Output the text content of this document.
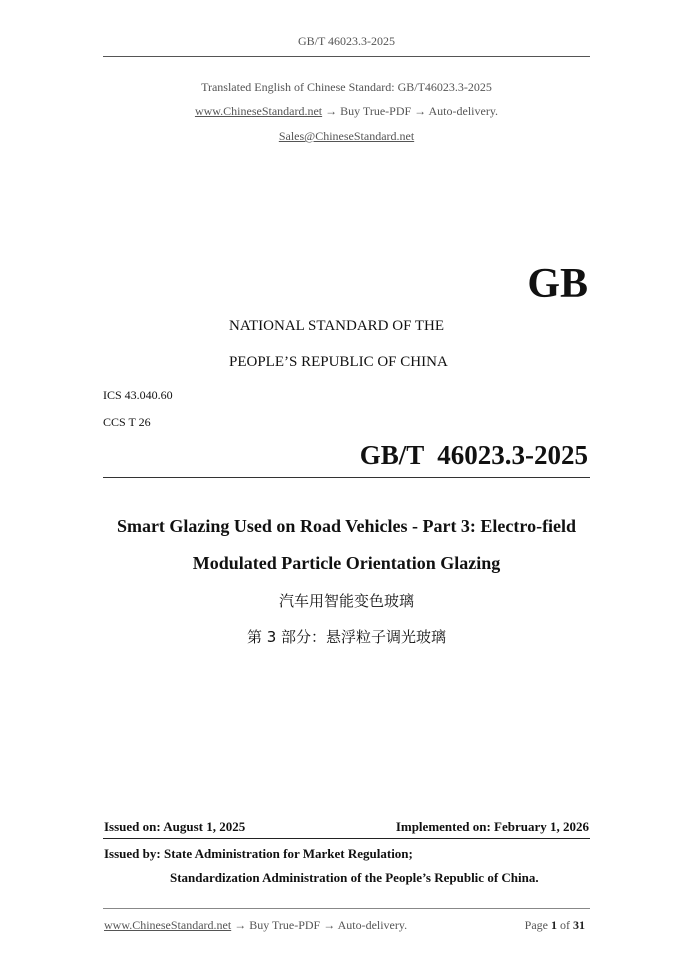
GB/T 46023.3-2025
Translated English of Chinese Standard: GB/T46023.3-2025
www.ChineseStandard.net → Buy True-PDF → Auto-delivery.
Sales@ChineseStandard.net
GB
NATIONAL STANDARD OF THE
PEOPLE’S REPUBLIC OF CHINA
ICS 43.040.60
CCS T 26
GB/T  46023.3-2025
Smart Glazing Used on Road Vehicles - Part 3: Electro-field
Modulated Particle Orientation Glazing
汽车用智能变色玻璃
第 3 部分：悬浮粒子调光玻璃
Issued on: August 1, 2025	Implemented on: February 1, 2026
Issued by: State Administration for Market Regulation;
Standardization Administration of the People’s Republic of China.
www.ChineseStandard.net → Buy True-PDF → Auto-delivery.	Page 1 of 31
